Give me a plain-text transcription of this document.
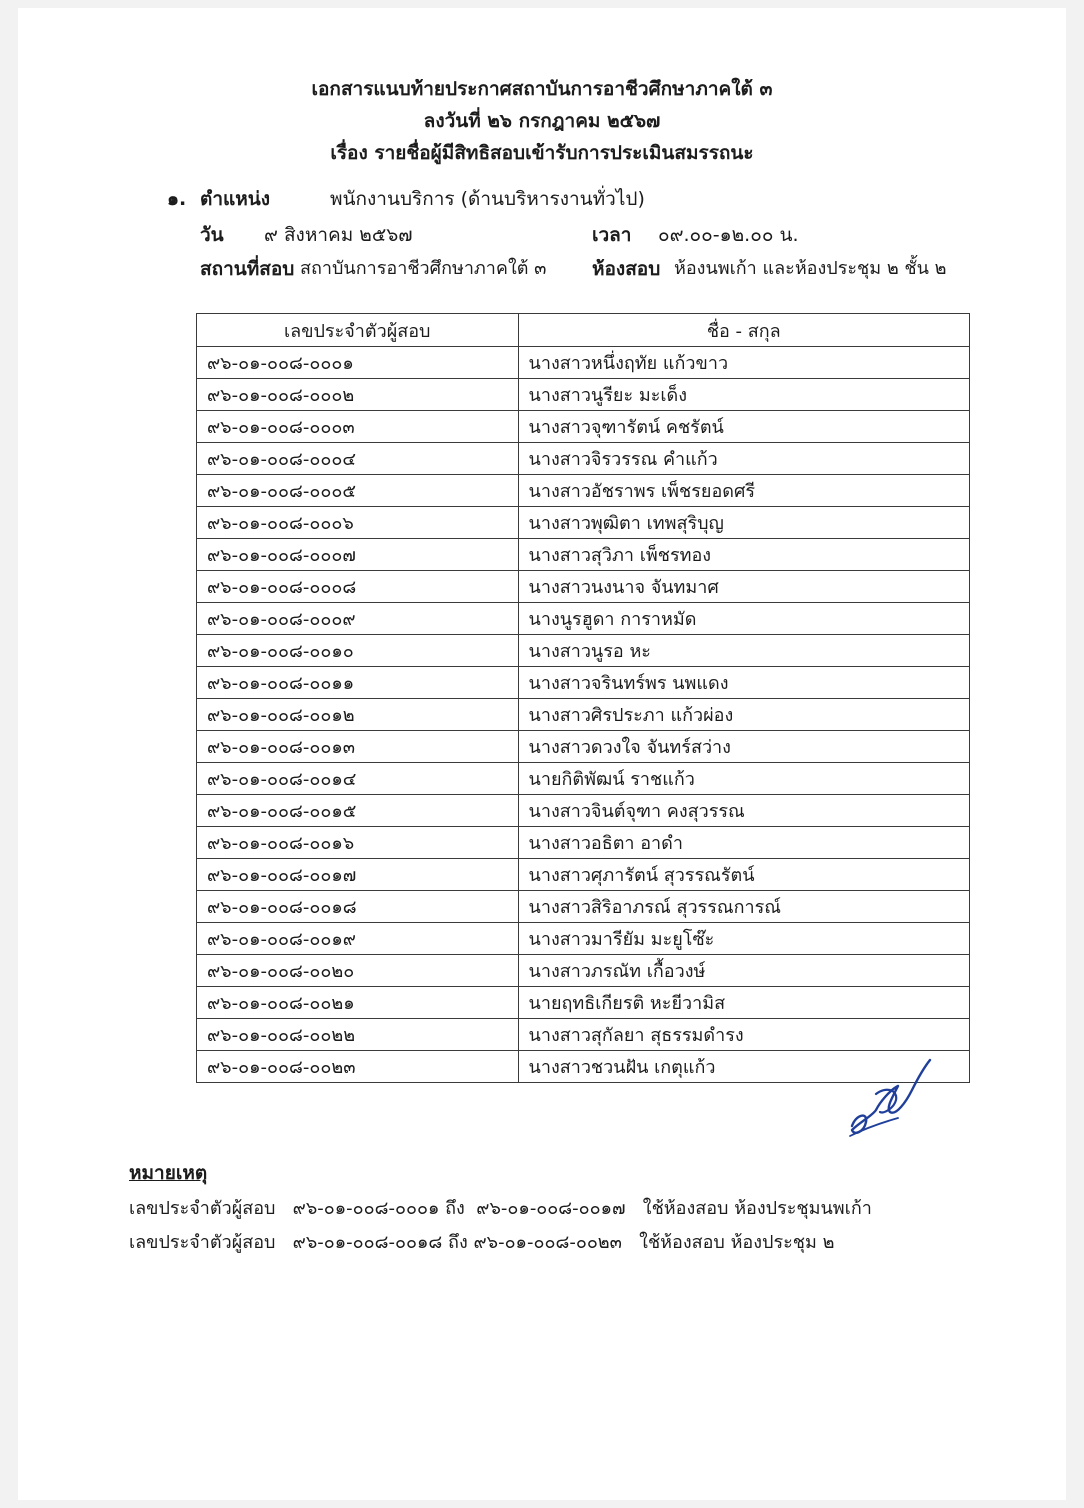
เอกสารแนบท้ายประกาศสถาบันการอาชีวศึกษาภาคใต้ ๓
ลงวันที่ ๒๖ กรกฎาคม ๒๕๖๗
เรื่อง รายชื่อผู้มีสิทธิสอบเข้ารับการประเมินสมรรถนะ
๑. ตำแหน่ง	พนักงานบริการ (ด้านบริหารงานทั่วไป)
วัน ๙ สิงหาคม ๒๕๖๗	เวลา ๐๙.๐๐-๑๒.๐๐ น.
สถานที่สอบ สถาบันการอาชีวศึกษาภาคใต้ ๓ ห้องสอบ ห้องนพเก้า และห้องประชุม ๒ ชั้น ๒
เลขประจำตัวผู้สอบ	ชื่อ - สกุล
๙๖-๐๑-๐๐๘-๐๐๐๑	นางสาวหนึ่งฤทัย แก้วขาว
๙๖-๐๑-๐๐๘-๐๐๐๒	นางสาวนูรียะ มะเด็ง
๙๖-๐๑-๐๐๘-๐๐๐๓	นางสาวจุฑารัตน์ คชรัตน์
๙๖-๐๑-๐๐๘-๐๐๐๔	นางสาวจิรวรรณ คำแก้ว
๙๖-๐๑-๐๐๘-๐๐๐๕	นางสาวอัชราพร เพ็ชรยอดศรี
๙๖-๐๑-๐๐๘-๐๐๐๖	นางสาวพุฒิตา เทพสุริบุญ
๙๖-๐๑-๐๐๘-๐๐๐๗	นางสาวสุวิภา เพ็ชรทอง
๙๖-๐๑-๐๐๘-๐๐๐๘	นางสาวนงนาจ จันทมาศ
๙๖-๐๑-๐๐๘-๐๐๐๙	นางนูรฮูดา การาหมัด
๙๖-๐๑-๐๐๘-๐๐๑๐	นางสาวนูรอ หะ
๙๖-๐๑-๐๐๘-๐๐๑๑	นางสาวจรินทร์พร นพแดง
๙๖-๐๑-๐๐๘-๐๐๑๒	นางสาวศิรประภา แก้วผ่อง
๙๖-๐๑-๐๐๘-๐๐๑๓	นางสาวดวงใจ จันทร์สว่าง
๙๖-๐๑-๐๐๘-๐๐๑๔	นายกิติพัฒน์ ราชแก้ว
๙๖-๐๑-๐๐๘-๐๐๑๕	นางสาวจินต์จุฑา คงสุวรรณ
๙๖-๐๑-๐๐๘-๐๐๑๖	นางสาวอธิตา อาดำ
๙๖-๐๑-๐๐๘-๐๐๑๗	นางสาวศุภารัตน์ สุวรรณรัตน์
๙๖-๐๑-๐๐๘-๐๐๑๘	นางสาวสิริอาภรณ์ สุวรรณการณ์
๙๖-๐๑-๐๐๘-๐๐๑๙	นางสาวมารียัม มะยูโซ๊ะ
๙๖-๐๑-๐๐๘-๐๐๒๐	นางสาวภรณัท เกื้อวงษ์
๙๖-๐๑-๐๐๘-๐๐๒๑	นายฤทธิเกียรติ หะยีวามิส
๙๖-๐๑-๐๐๘-๐๐๒๒	นางสาวสุกัลยา สุธรรมดำรง
๙๖-๐๑-๐๐๘-๐๐๒๓	นางสาวชวนฝัน เกตุแก้ว
หมายเหตุ
เลขประจำตัวผู้สอบ ๙๖-๐๑-๐๐๘-๐๐๐๑ ถึง ๙๖-๐๑-๐๐๘-๐๐๑๗ ใช้ห้องสอบ ห้องประชุมนพเก้า
เลขประจำตัวผู้สอบ ๙๖-๐๑-๐๐๘-๐๐๑๘ ถึง ๙๖-๐๑-๐๐๘-๐๐๒๓ ใช้ห้องสอบ ห้องประชุม ๒
